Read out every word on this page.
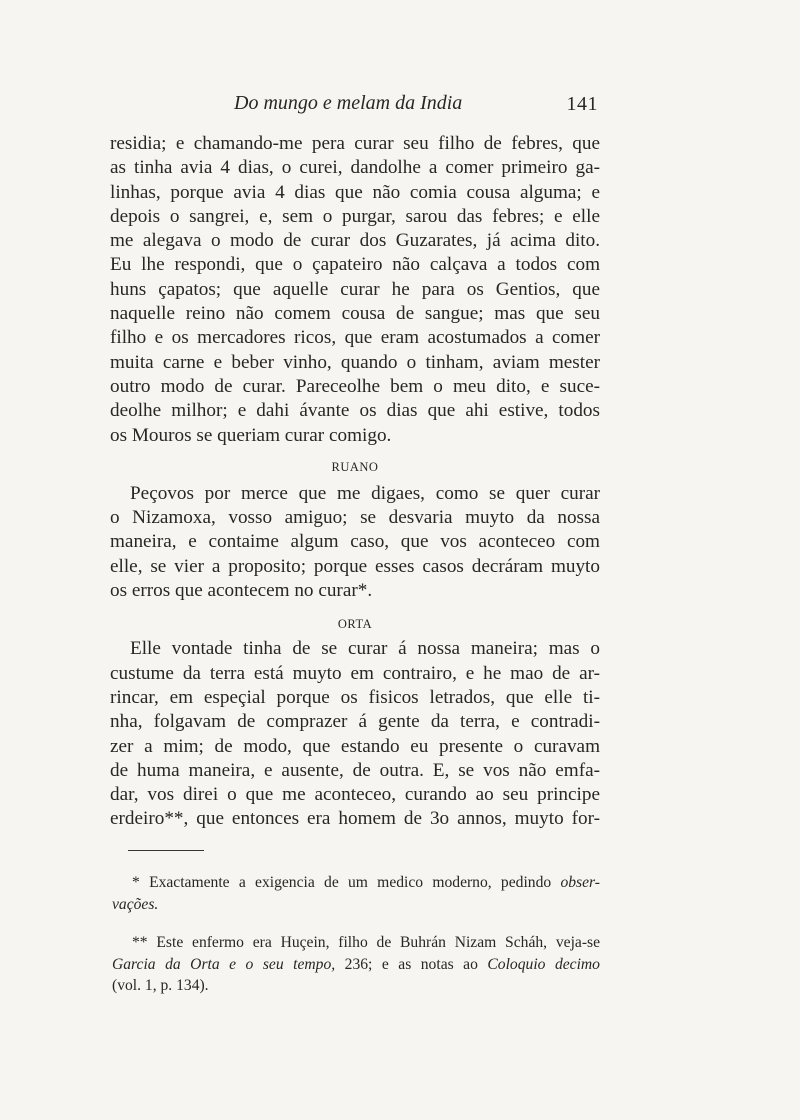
Do mungo e melam da India	141
residia; e chamando-me pera curar seu filho de febres, que
as tinha avia 4 dias, o curei, dandolhe a comer primeiro ga-
linhas, porque avia 4 dias que não comia cousa alguma; e
depois o sangrei, e, sem o purgar, sarou das febres; e elle
me alegava o modo de curar dos Guzarates, já acima dito.
Eu lhe respondi, que o çapateiro não calçava a todos com
huns çapatos; que aquelle curar he para os Gentios, que
naquelle reino não comem cousa de sangue; mas que seu
filho e os mercadores ricos, que eram acostumados a comer
muita carne e beber vinho, quando o tinham, aviam mester
outro modo de curar. Pareceolhe bem o meu dito, e suce-
deolhe milhor; e dahi ávante os dias que ahi estive, todos
os Mouros se queriam curar comigo.
RUANO
Peçovos por merce que me digaes, como se quer curar
o Nizamoxa, vosso amiguo; se desvaria muyto da nossa
maneira, e contaime algum caso, que vos aconteceo com
elle, se vier a proposito; porque esses casos decráram muyto
os erros que acontecem no curar*.
ORTA
Elle vontade tinha de se curar á nossa maneira; mas o
custume da terra está muyto em contrairo, e he mao de ar-
rincar, em espeçial porque os fisicos letrados, que elle ti-
nha, folgavam de comprazer á gente da terra, e contradi-
zer a mim; de modo, que estando eu presente o curavam
de huma maneira, e ausente, de outra. E, se vos não emfa-
dar, vos direi o que me aconteceo, curando ao seu principe
erdeiro**, que entonces era homem de 3o annos, muyto for-
* Exactamente a exigencia de um medico moderno, pedindo obser-
vações.
** Este enfermo era Huçein, filho de Buhrán Nizam Scháh, veja-se
Garcia da Orta e o seu tempo, 236; e as notas ao Coloquio decimo
(vol. 1, p. 134).
